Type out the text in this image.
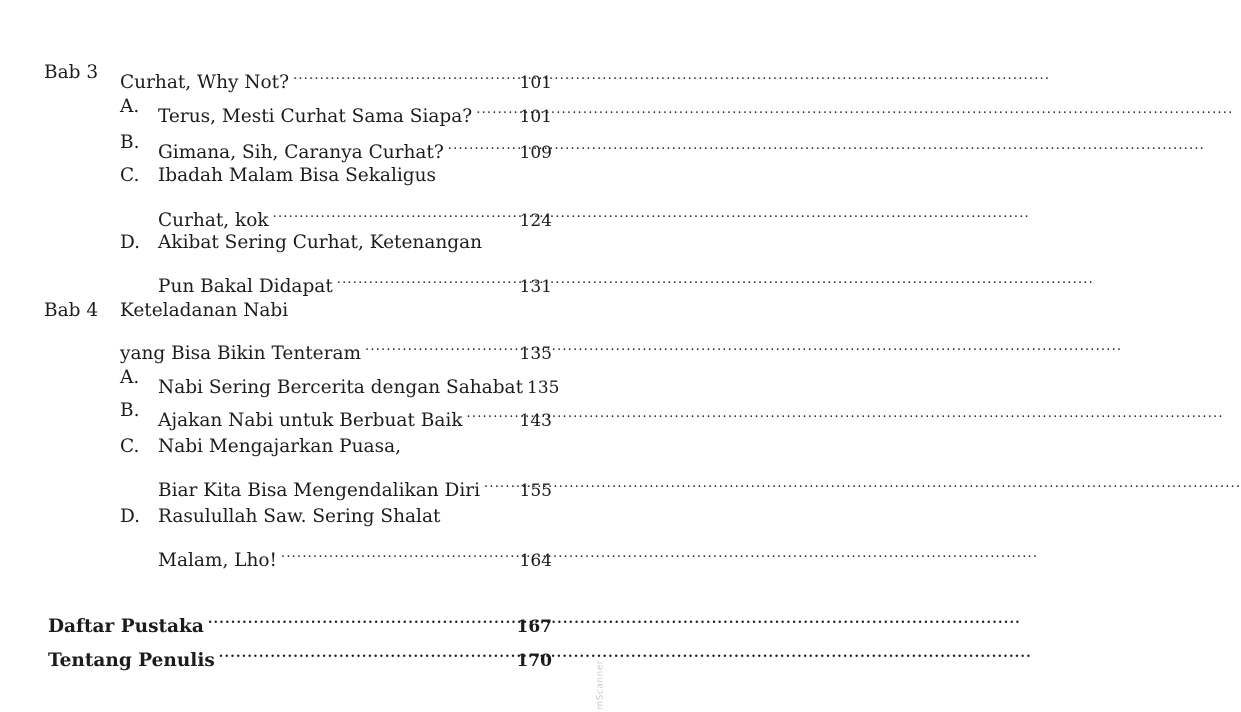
Bab 3 Curhat, Why Not? .....	101
A. Terus, Mesti Curhat Sama Siapa? .....	101
B. Gimana, Sih, Caranya Curhat? .....	109
C. Ibadah Malam Bisa Sekaligus
Curhat, kok .....	124
D. Akibat Sering Curhat, Ketenangan
Pun Bakal Didapat .....	131
Bab 4 Keteladanan Nabi
yang Bisa Bikin Tenteram .....	135
A. Nabi Sering Bercerita dengan Sahabat 135
B. Ajakan Nabi untuk Berbuat Baik .....	143
C. Nabi Mengajarkan Puasa,
Biar Kita Bisa Mengendalikan Diri ..... 155
D. Rasulullah Saw. Sering Shalat
Malam, Lho! .....	164
Daftar Pustaka .....	167
Tentang Penulis .....	170	mScanner
